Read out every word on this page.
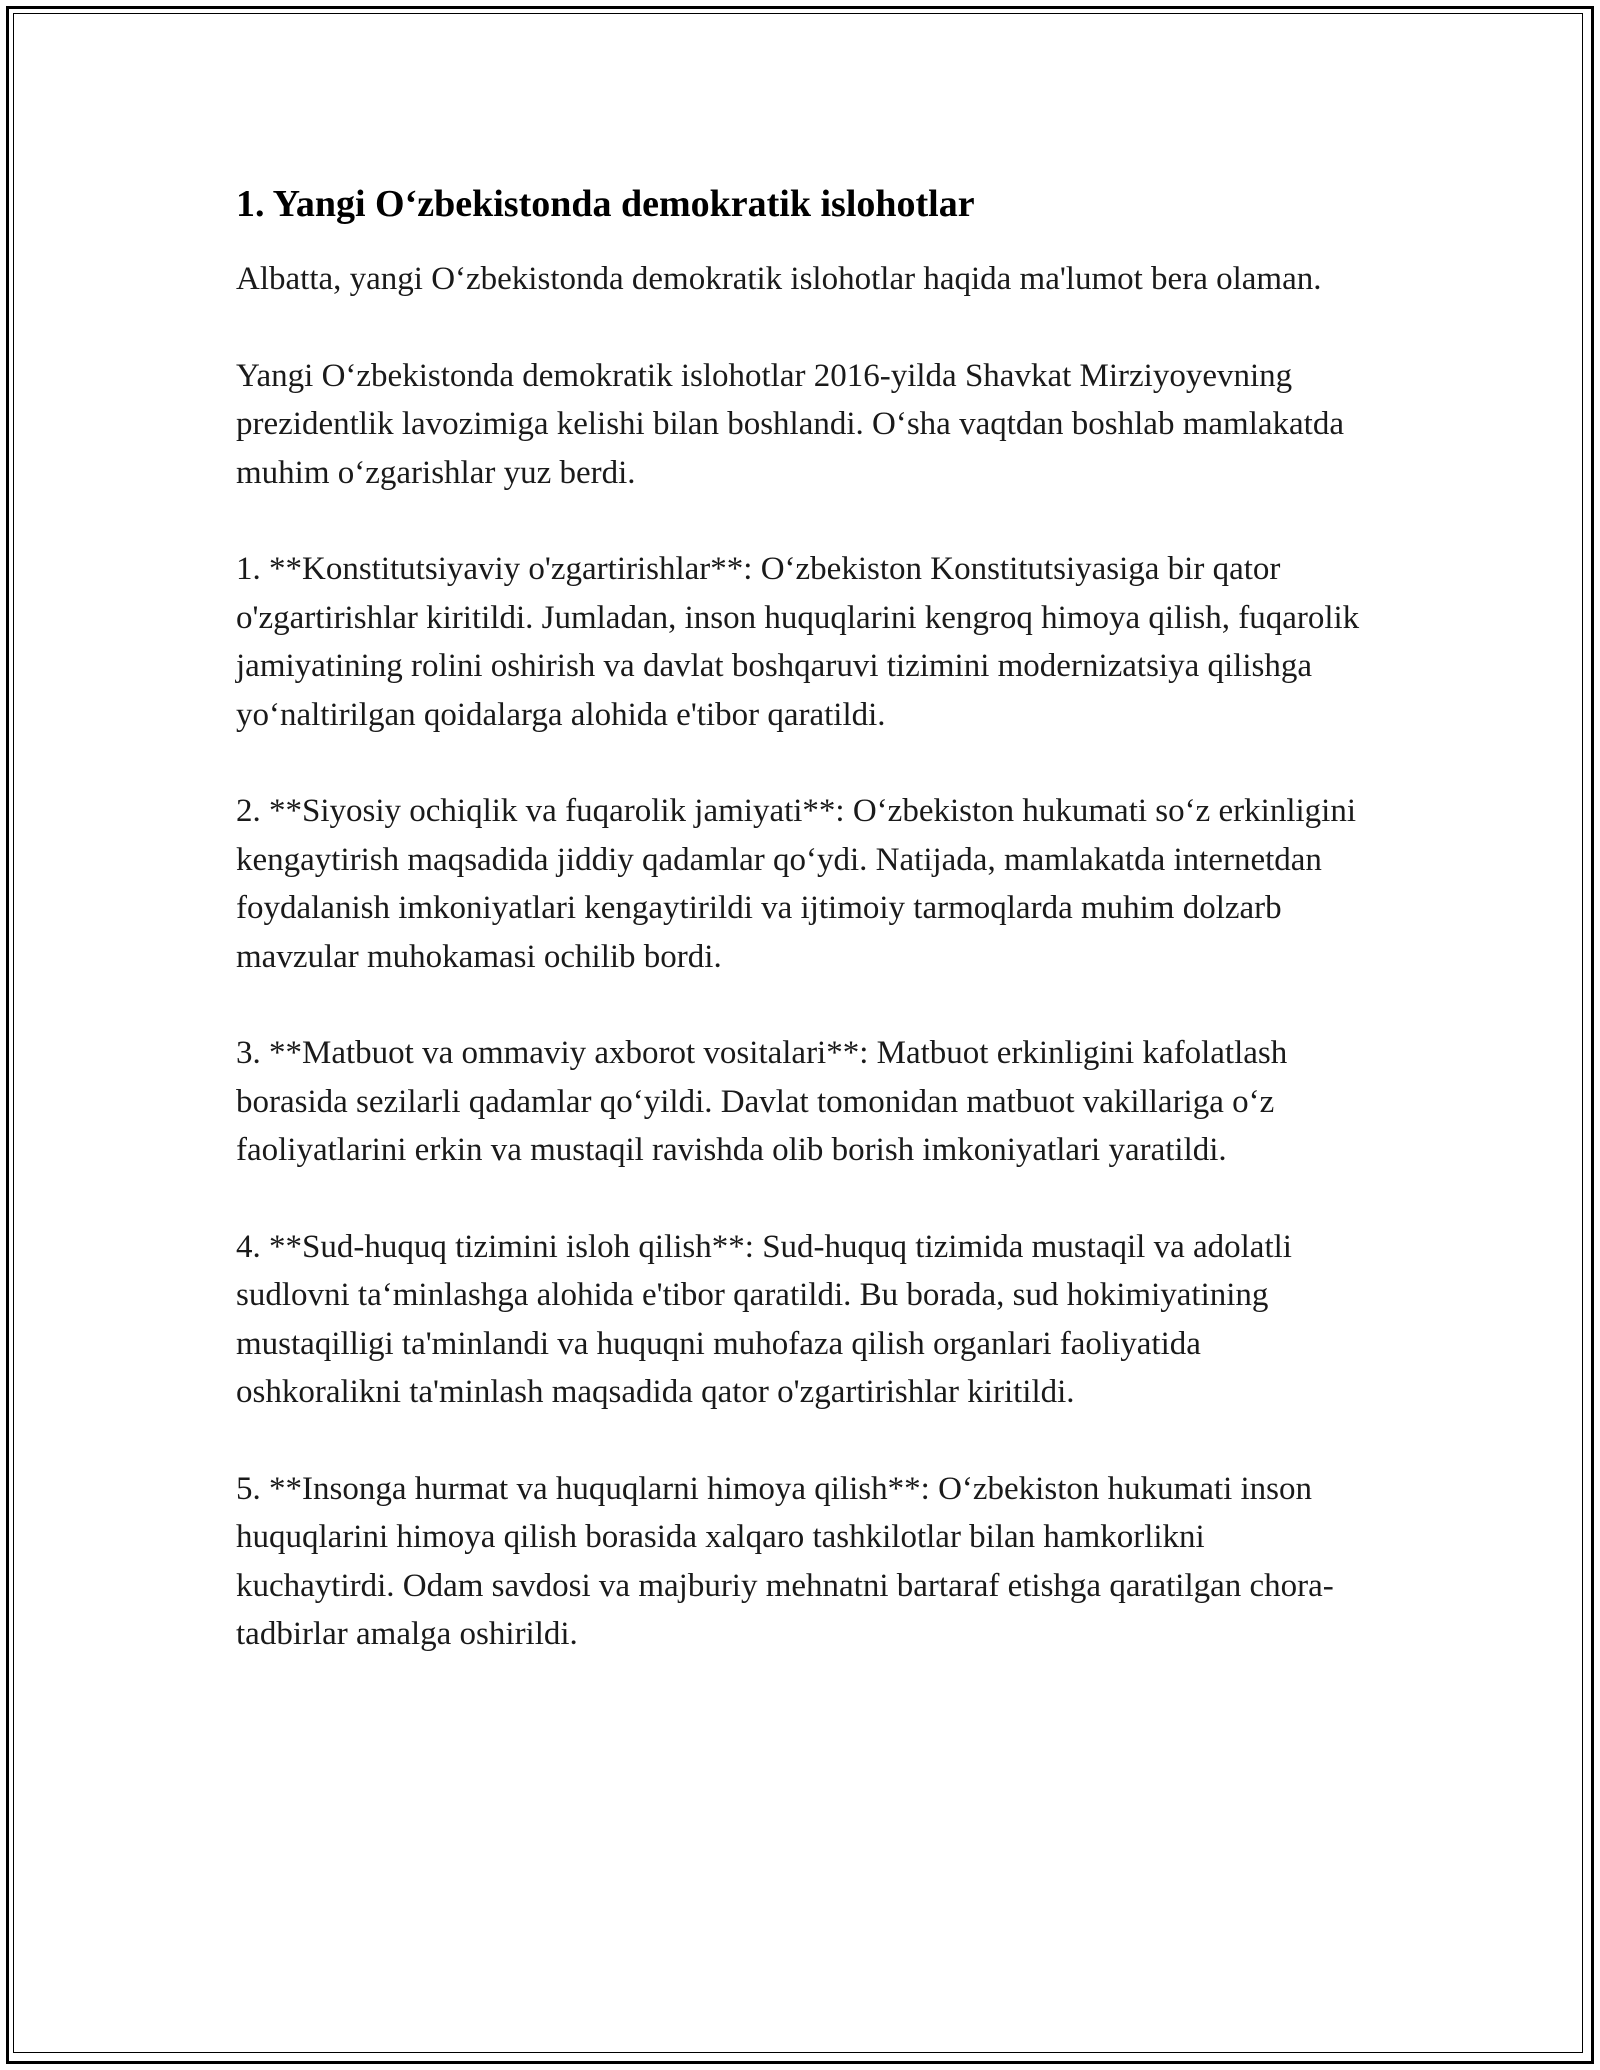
1. Yangi O‘zbekistonda demokratik islohotlar

Albatta, yangi O‘zbekistonda demokratik islohotlar haqida ma'lumot bera olaman.

Yangi O‘zbekistonda demokratik islohotlar 2016-yilda Shavkat Mirziyoyevning prezidentlik lavozimiga kelishi bilan boshlandi. O‘sha vaqtdan boshlab mamlakatda muhim o‘zgarishlar yuz berdi.

1. **Konstitutsiyaviy o'zgartirishlar**: O‘zbekiston Konstitutsiyasiga bir qator o'zgartirishlar kiritildi. Jumladan, inson huquqlarini kengroq himoya qilish, fuqarolik jamiyatining rolini oshirish va davlat boshqaruvi tizimini modernizatsiya qilishga yo‘naltirilgan qoidalarga alohida e'tibor qaratildi.

2. **Siyosiy ochiqlik va fuqarolik jamiyati**: O‘zbekiston hukumati so‘z erkinligini kengaytirish maqsadida jiddiy qadamlar qo‘ydi. Natijada, mamlakatda internetdan foydalanish imkoniyatlari kengaytirildi va ijtimoiy tarmoqlarda muhim dolzarb mavzular muhokamasi ochilib bordi.

3. **Matbuot va ommaviy axborot vositalari**: Matbuot erkinligini kafolatlash borasida sezilarli qadamlar qo‘yildi. Davlat tomonidan matbuot vakillariga o‘z faoliyatlarini erkin va mustaqil ravishda olib borish imkoniyatlari yaratildi.

4. **Sud-huquq tizimini isloh qilish**: Sud-huquq tizimida mustaqil va adolatli sudlovni ta‘minlashga alohida e'tibor qaratildi. Bu borada, sud hokimiyatining mustaqilligi ta'minlandi va huquqni muhofaza qilish organlari faoliyatida oshkoralikni ta'minlash maqsadida qator o'zgartirishlar kiritildi.

5. **Insonga hurmat va huquqlarni himoya qilish**: O‘zbekiston hukumati inson huquqlarini himoya qilish borasida xalqaro tashkilotlar bilan hamkorlikni kuchaytirdi. Odam savdosi va majburiy mehnatni bartaraf etishga qaratilgan chora-tadbirlar amalga oshirildi.
